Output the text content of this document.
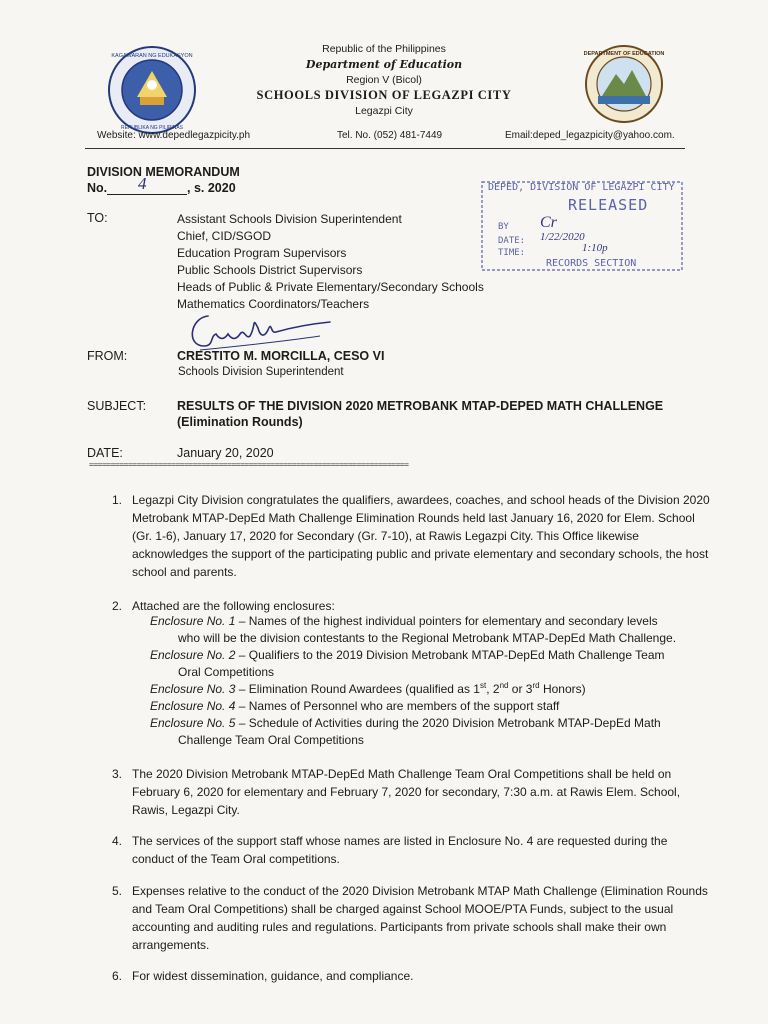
KAGAWARAN NG EDUKASYON
REPUBLIKA NG PILIPINAS
DEPARTMENT OF EDUCATION
Republic of the Philippines
Department of Education
Region V (Bicol)
SCHOOLS DIVISION OF LEGAZPI CITY
Legazpi City
Website: www.depedlegazpicity.ph	Tel. No. (052) 481-7449	Email:deped_legazpicity@yahoo.com.
DIVISION MEMORANDUM
No. 4	, s. 2020	DEPED, DIVISION OF LEGAZPI CITY
RELEASED
BY Cr
DATE: 1/22/2020
TIME:	1:10p
RECORDS SECTION
TO:	Assistant Schools Division Superintendent
Chief, CID/SGOD
Education Program Supervisors
Public Schools District Supervisors
Heads of Public & Private Elementary/Secondary Schools
Mathematics Coordinators/Teachers
FROM:	CRESTITO M. MORCILLA, CESO VI
Schools Division Superintendent
SUBJECT: RESULTS OF THE DIVISION 2020 METROBANK MTAP-DEPED MATH CHALLENGE
(Elimination Rounds)
DATE:	January 20, 2020
==========================================================================
1. Legazpi City Division congratulates the qualifiers, awardees, coaches, and school heads of the Division 2020 Metrobank MTAP-DepEd Math Challenge Elimination Rounds held last January 16, 2020 for Elem. School (Gr. 1-6), January 17, 2020 for Secondary (Gr. 7-10), at Rawis Legazpi City. This Office likewise acknowledges the support of the participating public and private elementary and secondary schools, the host school and parents.
2. Attached are the following enclosures:
Enclosure No. 1 – Names of the highest individual pointers for elementary and secondary levels
who will be the division contestants to the Regional Metrobank MTAP-DepEd Math Challenge.
Enclosure No. 2 – Qualifiers to the 2019 Division Metrobank MTAP-DepEd Math Challenge Team
Oral Competitions
Enclosure No. 3 – Elimination Round Awardees (qualified as 1st, 2nd or 3rd Honors)
Enclosure No. 4 – Names of Personnel who are members of the support staff
Enclosure No. 5 – Schedule of Activities during the 2020 Division Metrobank MTAP-DepEd Math
Challenge Team Oral Competitions
3. The 2020 Division Metrobank MTAP-DepEd Math Challenge Team Oral Competitions shall be held on February 6, 2020 for elementary and February 7, 2020 for secondary, 7:30 a.m. at Rawis Elem. School, Rawis, Legazpi City.
4. The services of the support staff whose names are listed in Enclosure No. 4 are requested during the conduct of the Team Oral competitions.
5. Expenses relative to the conduct of the 2020 Division Metrobank MTAP Math Challenge (Elimination Rounds and Team Oral Competitions) shall be charged against School MOOE/PTA Funds, subject to the usual accounting and auditing rules and regulations. Participants from private schools shall make their own arrangements.
6. For widest dissemination, guidance, and compliance.
